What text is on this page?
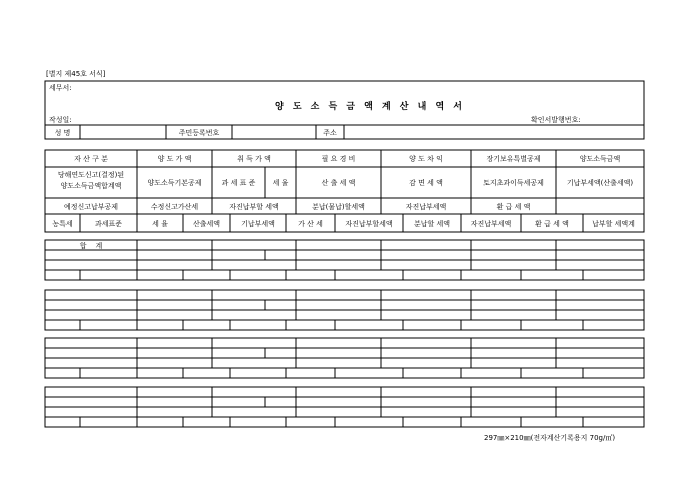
[별지 제45호 서식]
세무서:
양 도 소 득 금 액 계 산 내 역 서
작성일:	확인서발행번호:
성 명	주민등록번호	주소
자 산 구 분	양 도 가 액	취 득 가 액	필 요 경 비	양 도 차 익	장기보유특별공제	양도소득금액
당해연도신고(결정)된
양도소득금액합계액	양도소득기본공제	과 세 표 준	세 율	산 출 세 액	감 면 세 액	토지초과이득세공제	기납부세액(산출세액)
예정신고납부공제	수정신고가산세	자진납부할 세액	분납(물납)할세액	자진납부세액	환 급 세 액
농특세	과세표준	세 율	산출세액	기납부세액	가 산 세	자진납부할세액	분납할 세액	자진납부세액	환 급 세 액	납부할 세액계
합    계
297㎜×210㎜(전자계산기록용지 70g/㎡)
